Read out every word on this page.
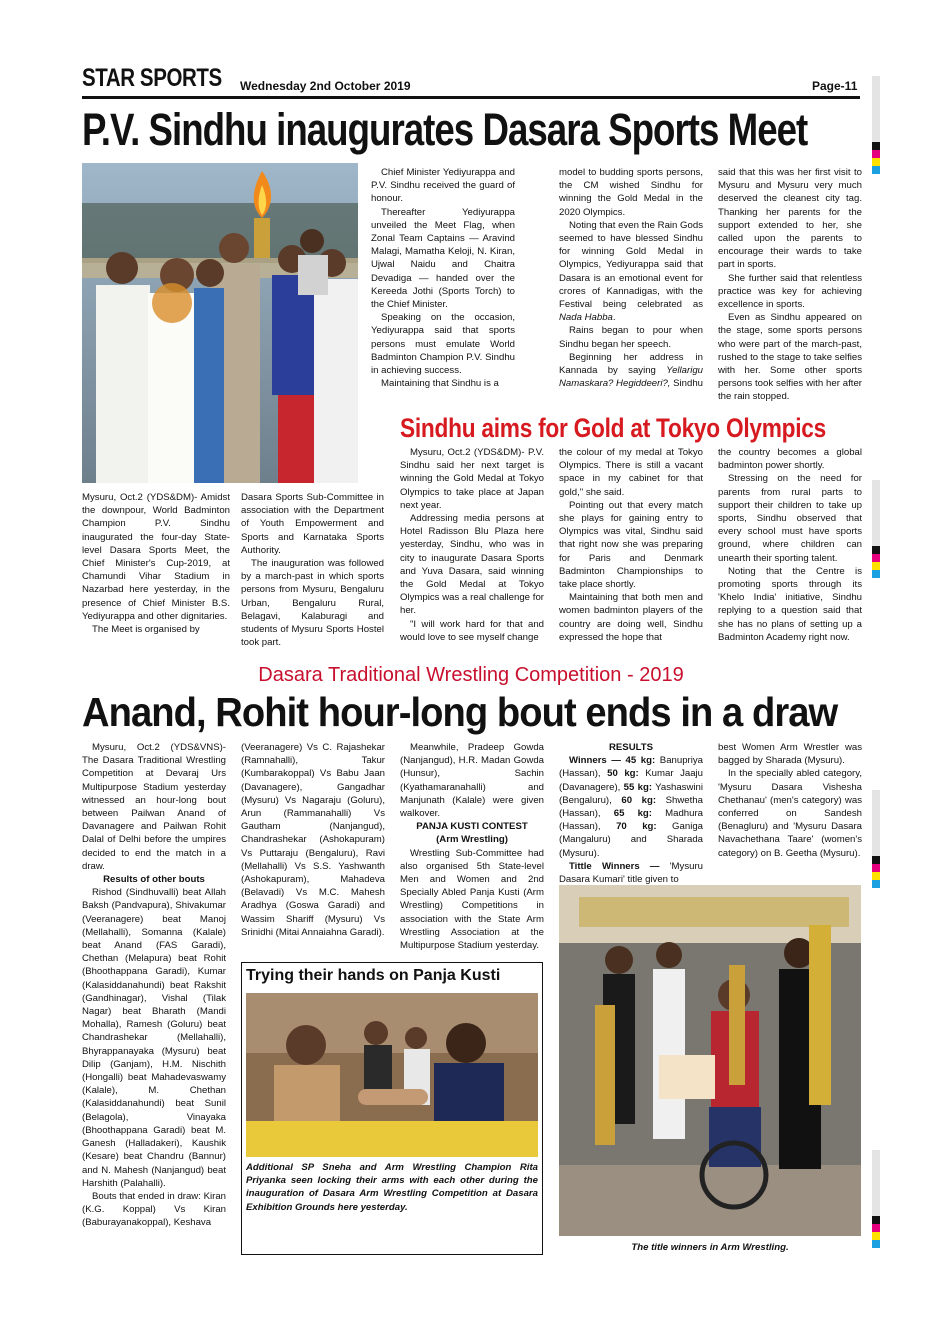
STAR SPORTS Wednesday 2nd October 2019	Page-11
P.V. Sindhu inaugurates Dasara Sports Meet

Mysuru, Oct.2 (YDS&DM)- Amidst the downpour, World Badminton Champion P.V. Sindhu inaugurated the four-day State-level Dasara Sports Meet, the Chief Minister's Cup-2019, at Chamundi Vihar Stadium in Nazarbad here yesterday, in the presence of Chief Minister B.S. Yediyurappa and other dignitaries.

The Meet is organised by

Dasara Sports Sub-Committee in association with the Department of Youth Empowerment and Sports and Karnataka Sports Authority.

The inauguration was followed by a march-past in which sports persons from Mysuru, Bengaluru Urban, Bengaluru Rural, Belagavi, Kalaburagi and students of Mysuru Sports Hostel took part.

Chief Minister Yediyurappa and P.V. Sindhu received the guard of honour.

Thereafter Yediyurappa unveiled the Meet Flag, when Zonal Team Captains — Aravind Malagi, Mamatha Keloji, N. Kiran, Ujwal Naidu and Chaitra Devadiga — handed over the Kereeda Jothi (Sports Torch) to the Chief Minister.

Speaking on the occasion, Yediyurappa said that sports persons must emulate World Badminton Champion P.V. Sindhu in achieving success.

Maintaining that Sindhu is a

model to budding sports persons, the CM wished Sindhu for winning the Gold Medal in the 2020 Olympics.

Noting that even the Rain Gods seemed to have blessed Sindhu for winning Gold Medal in Olympics, Yediyurappa said that Dasara is an emotional event for crores of Kannadigas, with the Festival being celebrated as Nada Habba.

Rains began to pour when Sindhu began her speech.

Beginning her address in Kannada by saying Yellarigu Namaskara? Hegiddeeri?, Sindhu

said that this was her first visit to Mysuru and Mysuru very much deserved the cleanest city tag. Thanking her parents for the support extended to her, she called upon the parents to encourage their wards to take part in sports.

She further said that relentless practice was key for achieving excellence in sports.

Even as Sindhu appeared on the stage, some sports persons who were part of the march-past, rushed to the stage to take selfies with her. Some other sports persons took selfies with her after the rain stopped.

Sindhu aims for Gold at Tokyo Olympics

Mysuru, Oct.2 (YDS&DM)- P.V. Sindhu said her next target is winning the Gold Medal at Tokyo Olympics to take place at Japan next year.

Addressing media persons at Hotel Radisson Blu Plaza here yesterday, Sindhu, who was in city to inaugurate Dasara Sports and Yuva Dasara, said winning the Gold Medal at Tokyo Olympics was a real challenge for her.

"I will work hard for that and would love to see myself change

the colour of my medal at Tokyo Olympics. There is still a vacant space in my cabinet for that gold," she said.

Pointing out that every match she plays for gaining entry to Olympics was vital, Sindhu said that right now she was preparing for Paris and Denmark Badminton Championships to take place shortly.

Maintaining that both men and women badminton players of the country are doing well, Sindhu expressed the hope that

the country becomes a global badminton power shortly.

Stressing on the need for parents from rural parts to support their children to take up sports, Sindhu observed that every school must have sports ground, where children can unearth their sporting talent.

Noting that the Centre is promoting sports through its 'Khelo India' initiative, Sindhu replying to a question said that she has no plans of setting up a Badminton Academy right now.

Dasara Traditional Wrestling Competition - 2019
Anand, Rohit hour-long bout ends in a draw

Mysuru, Oct.2 (YDS&VNS)- The Dasara Traditional Wrestling Competition at Devaraj Urs Multipurpose Stadium yesterday witnessed an hour-long bout between Pailwan Anand of Davanagere and Pailwan Rohit Dalal of Delhi before the umpires decided to end the match in a draw.

Results of other bouts

Rishod (Sindhuvalli) beat Allah Baksh (Pandvapura), Shivakumar (Veeranagere) beat Manoj (Mellahalli), Somanna (Kalale) beat Anand (FAS Garadi), Chethan (Melapura) beat Rohit (Bhoothappana Garadi), Kumar (Kalasiddanahundi) beat Rakshit (Gandhinagar), Vishal (Tilak Nagar) beat Bharath (Mandi Mohalla), Ramesh (Goluru) beat Chandrashekar (Mellahalli), Bhyrappanayaka (Mysuru) beat Dilip (Ganjam), H.M. Nischith (Hongalli) beat Mahadevaswamy (Kalale), M. Chethan (Kalasiddanahundi) beat Sunil (Belagola), Vinayaka (Bhoothappana Garadi) beat M. Ganesh (Halladakeri), Kaushik (Kesare) beat Chandru (Bannur) and N. Mahesh (Nanjangud) beat Harshith (Palahalli).

Bouts that ended in draw: Kiran (K.G. Koppal) Vs Kiran (Baburayanakoppal), Keshava

(Veeranagere) Vs C. Rajashekar (Ramnahalli), Takur (Kumbarakoppal) Vs Babu Jaan (Davanagere), Gangadhar (Mysuru) Vs Nagaraju (Goluru), Arun (Rammanahalli) Vs Gautham (Nanjangud), Chandrashekar (Ashokapuram) Vs Puttaraju (Bengaluru), Ravi (Mellahalli) Vs S.S. Yashwanth (Ashokapuram), Mahadeva (Belavadi) Vs M.C. Mahesh Aradhya (Goswa Garadi) and Wassim Shariff (Mysuru) Vs Srinidhi (Mitai Annaiahna Garadi).

Meanwhile, Pradeep Gowda (Nanjangud), H.R. Madan Gowda (Hunsur), Sachin (Kyathamaranahalli) and Manjunath (Kalale) were given walkover.

PANJA KUSTI CONTEST

(Arm Wrestling)

Wrestling Sub-Committee had also organised 5th State-level Men and Women and 2nd Specially Abled Panja Kusti (Arm Wrestling) Competitions in association with the State Arm Wrestling Association at the Multipurpose Stadium yesterday.

RESULTS

Winners — 45 kg: Banupriya (Hassan), 50 kg: Kumar Jaaju (Davanagere), 55 kg: Yashaswini (Bengaluru), 60 kg: Shwetha (Hassan), 65 kg: Madhura (Hassan), 70 kg: Ganiga (Mangaluru) and Sharada (Mysuru).

Tittle Winners — 'Mysuru Dasara Kumari' title given to

best Women Arm Wrestler was bagged by Sharada (Mysuru).

In the specially abled category, 'Mysuru Dasara Vishesha Chethanau' (men's category) was conferred on Sandesh (Benagluru) and 'Mysuru Dasara Navachethana Taare' (women's category) on B. Geetha (Mysuru).

Trying their hands on Panja Kusti
Additional SP Sneha and Arm Wrestling Champion Rita Priyanka seen locking their arms with each other during the inauguration of Dasara Arm Wrestling Competition at Dasara Exhibition Grounds here yesterday.
The title winners in Arm Wrestling.
